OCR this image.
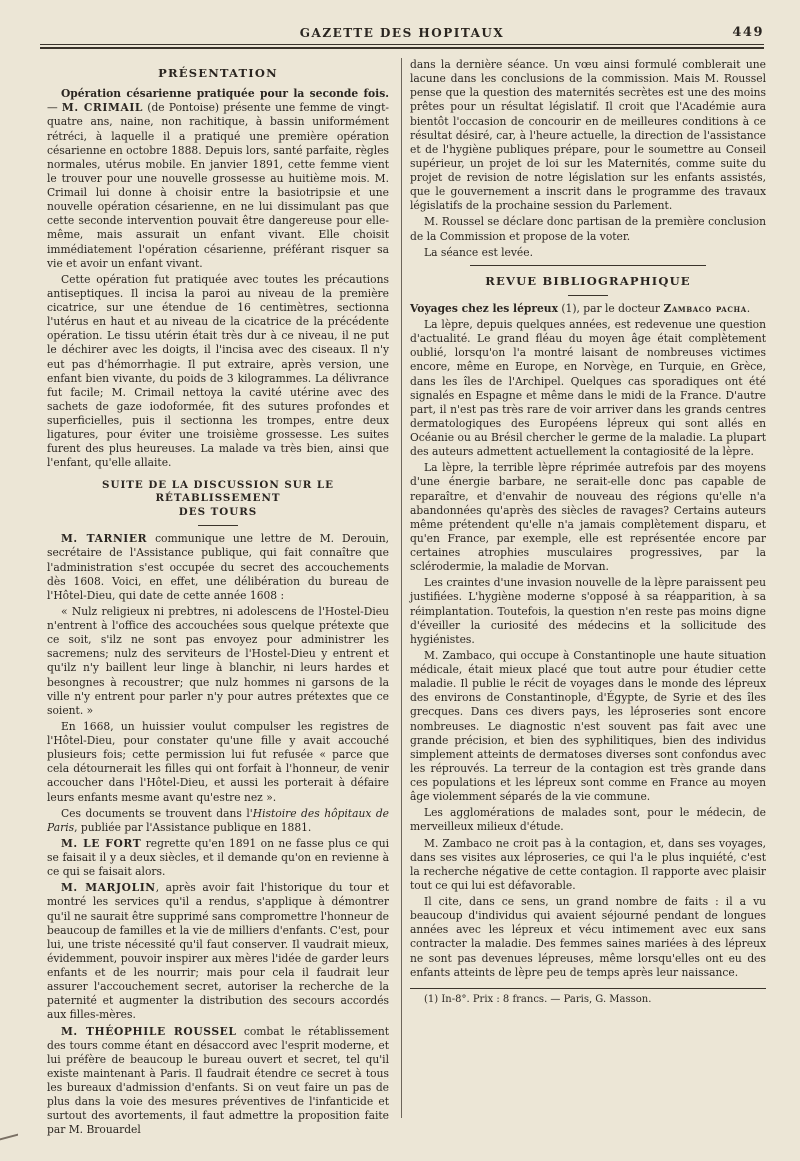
GAZETTE DES HOPITAUX	449
PRÉSENTATION

Opération césarienne pratiquée pour la seconde fois. — M. CRIMAIL (de Pontoise) présente une femme de vingt-quatre ans, naine, non rachitique, à bassin uniformément rétréci, à laquelle il a pratiqué une première opération césarienne en octobre 1888. Depuis lors, santé parfaite, règles normales, utérus mobile. En janvier 1891, cette femme vient le trouver pour une nouvelle grossesse au huitième mois. M. Crimail lui donne à choisir entre la basiotripsie et une nouvelle opération césarienne, en ne lui dissimulant pas que cette seconde intervention pouvait être dangereuse pour elle-même, mais assurait un enfant vivant. Elle choisit immédiatement l'opération césarienne, préférant risquer sa vie et avoir un enfant vivant.

Cette opération fut pratiquée avec toutes les précautions antiseptiques. Il incisa la paroi au niveau de la première cicatrice, sur une étendue de 16 centimètres, sectionna l'utérus en haut et au niveau de la cicatrice de la précédente opération. Le tissu utérin était très dur à ce niveau, il ne put le déchirer avec les doigts, il l'incisa avec des ciseaux. Il n'y eut pas d'hémorrhagie. Il put extraire, après version, une enfant bien vivante, du poids de 3 kilogrammes. La délivrance fut facile; M. Crimail nettoya la cavité utérine avec des sachets de gaze iodoformée, fit des sutures profondes et superficielles, puis il sectionna les trompes, entre deux ligatures, pour éviter une troisième grossesse. Les suites furent des plus heureuses. La malade va très bien, ainsi que l'enfant, qu'elle allaite.

SUITE DE LA DISCUSSION SUR LE RÉTABLISSEMENT
DES TOURS

M. TARNIER communique une lettre de M. Derouin, secrétaire de l'Assistance publique, qui fait connaître que l'administration s'est occupée du secret des accouchements dès 1608. Voici, en effet, une délibération du bureau de l'Hôtel-Dieu, qui date de cette année 1608 :

« Nulz religieux ni prebtres, ni adolescens de l'Hostel-Dieu n'entrent à l'office des accouchées sous quelque prétexte que ce soit, s'ilz ne sont pas envoyez pour administrer les sacremens; nulz des serviteurs de l'Hostel-Dieu y entrent et qu'ilz n'y baillent leur linge à blanchir, ni leurs hardes et besongnes à recoustrer; que nulz hommes ni garsons de la ville n'y entrent pour parler n'y pour autres prétextes que ce soient. »

En 1668, un huissier voulut compulser les registres de l'Hôtel-Dieu, pour constater qu'une fille y avait accouché plusieurs fois; cette permission lui fut refusée « parce que cela détournerait les filles qui ont forfait à l'honneur, de venir accoucher dans l'Hôtel-Dieu, et aussi les porterait à défaire leurs enfants mesme avant qu'estre nez ».

Ces documents se trouvent dans l'Histoire des hôpitaux de Paris, publiée par l'Assistance publique en 1881.

M. LE FORT regrette qu'en 1891 on ne fasse plus ce qui se faisait il y a deux siècles, et il demande qu'on en revienne à ce qui se faisait alors.

M. MARJOLIN, après avoir fait l'historique du tour et montré les services qu'il a rendus, s'applique à démontrer qu'il ne saurait être supprimé sans compromettre l'honneur de beaucoup de familles et la vie de milliers d'enfants. C'est, pour lui, une triste nécessité qu'il faut conserver. Il vaudrait mieux, évidemment, pouvoir inspirer aux mères l'idée de garder leurs enfants et de les nourrir; mais pour cela il faudrait leur assurer l'accouchement secret, autoriser la recherche de la paternité et augmenter la distribution des secours accordés aux filles-mères.

M. THÉOPHILE ROUSSEL combat le rétablissement des tours comme étant en désaccord avec l'esprit moderne, et lui préfère de beaucoup le bureau ouvert et secret, tel qu'il existe maintenant à Paris. Il faudrait étendre ce secret à tous les bureaux d'admission d'enfants. Si on veut faire un pas de plus dans la voie des mesures préventives de l'infanticide et surtout des avortements, il faut admettre la proposition faite par M. Brouardel

dans la dernière séance. Un vœu ainsi formulé comblerait une lacune dans les conclusions de la commission. Mais M. Roussel pense que la question des maternités secrètes est une des moins prêtes pour un résultat législatif. Il croit que l'Académie aura bientôt l'occasion de concourir en de meilleures conditions à ce résultat désiré, car, à l'heure actuelle, la direction de l'assistance et de l'hygiène publiques prépare, pour le soumettre au Conseil supérieur, un projet de loi sur les Maternités, comme suite du projet de revision de notre législation sur les enfants assistés, que le gouvernement a inscrit dans le programme des travaux législatifs de la prochaine session du Parlement.

M. Roussel se déclare donc partisan de la première conclusion de la Commission et propose de la voter.

La séance est levée.

REVUE BIBLIOGRAPHIQUE

Voyages chez les lépreux (1), par le docteur Zambaco pacha.

La lèpre, depuis quelques années, est redevenue une question d'actualité. Le grand fléau du moyen âge était complètement oublié, lorsqu'on l'a montré laisant de nombreuses victimes encore, même en Europe, en Norvège, en Turquie, en Grèce, dans les îles de l'Archipel. Quelques cas sporadiques ont été signalés en Espagne et même dans le midi de la France. D'autre part, il n'est pas très rare de voir arriver dans les grands centres dermatologiques des Européens lépreux qui sont allés en Océanie ou au Brésil chercher le germe de la maladie. La plupart des auteurs admettent actuellement la contagiosité de la lèpre.

La lèpre, la terrible lèpre réprimée autrefois par des moyens d'une énergie barbare, ne serait-elle donc pas capable de reparaître, et d'envahir de nouveau des régions qu'elle n'a abandonnées qu'après des siècles de ravages? Certains auteurs même prétendent qu'elle n'a jamais complètement disparu, et qu'en France, par exemple, elle est représentée encore par certaines atrophies musculaires progressives, par la sclérodermie, la maladie de Morvan.

Les craintes d'une invasion nouvelle de la lèpre paraissent peu justifiées. L'hygiène moderne s'opposé à sa réapparition, à sa réimplantation. Toutefois, la question n'en reste pas moins digne d'éveiller la curiosité des médecins et la sollicitude des hygiénistes.

M. Zambaco, qui occupe à Constantinople une haute situation médicale, était mieux placé que tout autre pour étudier cette maladie. Il publie le récit de voyages dans le monde des lépreux des environs de Constantinople, d'Égypte, de Syrie et des îles grecques. Dans ces divers pays, les léproseries sont encore nombreuses. Le diagnostic n'est souvent pas fait avec une grande précision, et bien des syphilitiques, bien des individus simplement atteints de dermatoses diverses sont confondus avec les réprouvés. La terreur de la contagion est très grande dans ces populations et les lépreux sont comme en France au moyen âge violemment séparés de la vie commune.

Les agglomérations de malades sont, pour le médecin, de merveilleux milieux d'étude.

M. Zambaco ne croit pas à la contagion, et, dans ses voyages, dans ses visites aux léproseries, ce qui l'a le plus inquiété, c'est la recherche négative de cette contagion. Il rapporte avec plaisir tout ce qui lui est défavorable.

Il cite, dans ce sens, un grand nombre de faits : il a vu beaucoup d'individus qui avaient séjourné pendant de longues années avec les lépreux et vécu intimement avec eux sans contracter la maladie. Des femmes saines mariées à des lépreux ne sont pas devenues lépreuses, même lorsqu'elles ont eu des enfants atteints de lèpre peu de temps après leur naissance.

(1) In-8°. Prix : 8 francs. — Paris, G. Masson.
